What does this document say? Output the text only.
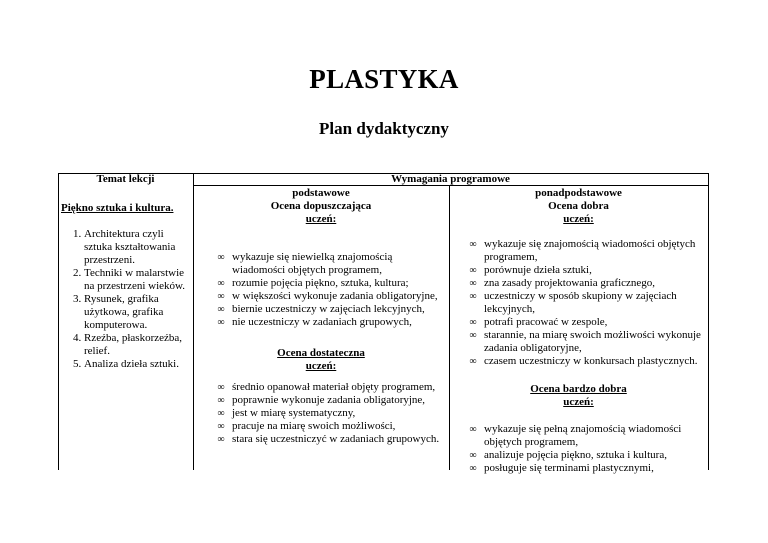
PLASTYKA
Plan dydaktyczny
Temat lekcji	Wymagania programowe
podstawowe	ponadpodstawowe
Piękno sztuka i kultura.
1. Architektura czyli sztuka kształtowania przestrzeni.
2. Techniki w malarstwie na przestrzeni wieków.
3. Rysunek, grafika użytkowa, grafika komputerowa.
4. Rzeźba, płaskorzeźba, relief.
5. Analiza dzieła sztuki.
Ocena dopuszczająca
uczeń:
∞ wykazuje się niewielką znajomością wiadomości objętych programem,
∞ rozumie pojęcia piękno, sztuka, kultura;
∞ w większości wykonuje zadania obligatoryjne,
∞ biernie uczestniczy w zajęciach lekcyjnych,
∞ nie uczestniczy w zadaniach grupowych,
Ocena dostateczna
uczeń:
∞ średnio opanował materiał objęty programem,
∞ poprawnie wykonuje zadania obligatoryjne,
∞ jest w miarę systematyczny,
∞ pracuje na miarę swoich możliwości,
∞ stara się uczestniczyć w zadaniach grupowych.
Ocena dobra
uczeń:
∞ wykazuje się znajomością wiadomości objętych programem,
∞ porównuje dzieła sztuki,
∞ zna zasady projektowania graficznego,
∞ uczestniczy w sposób skupiony w zajęciach lekcyjnych,
∞ potrafi pracować w zespole,
∞ starannie, na miarę swoich możliwości wykonuje zadania obligatoryjne,
∞ czasem uczestniczy w konkursach plastycznych.
Ocena bardzo dobra
uczeń:
∞ wykazuje się pełną znajomością wiadomości objętych programem,
∞ analizuje pojęcia piękno, sztuka i kultura,
∞ posługuje się terminami plastycznymi,
